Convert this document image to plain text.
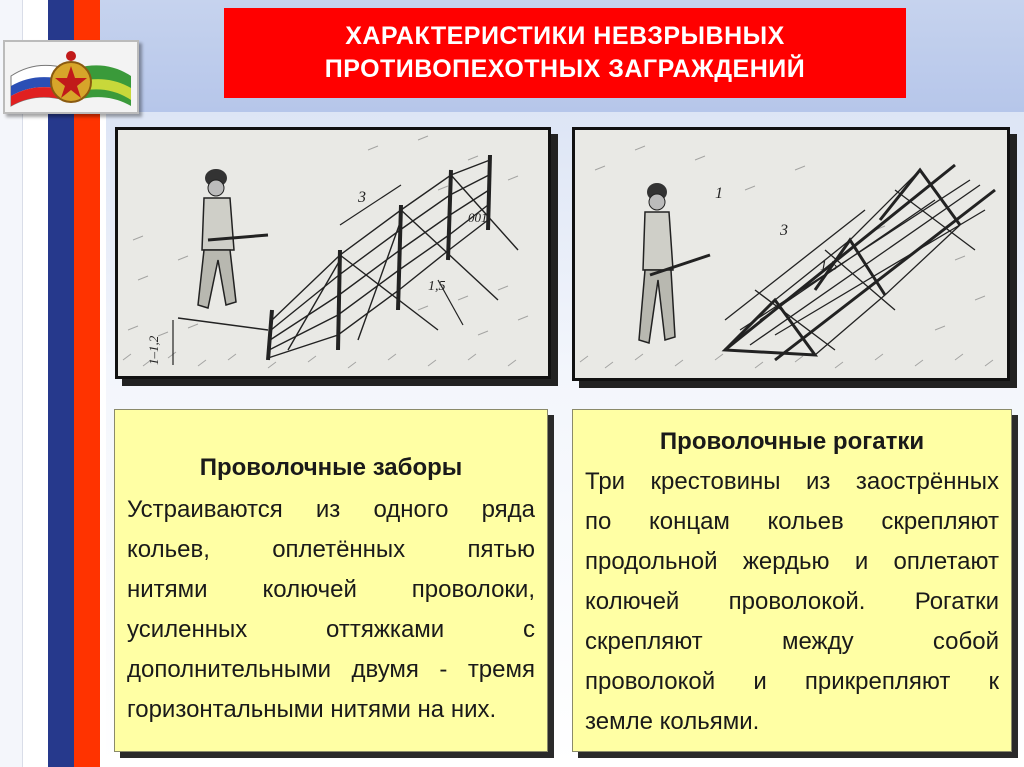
ХАРАКТЕРИСТИКИ НЕВЗРЫВНЫХ
ПРОТИВОПЕХОТНЫХ ЗАГРАЖДЕНИЙ
3
1,5
001
1–1,2
3
1,5
1
Проволочные заборы
Устраиваются из одного ряда
кольев, оплетённых пятью
нитями колючей проволоки,
усиленных оттяжками с
дополнительными двумя - тремя
горизонтальными нитями на них.
Проволочные рогатки
Три крестовины из заострённых
по концам кольев скрепляют
продольной жердью и оплетают
колючей проволокой. Рогатки
скрепляют между собой
проволокой и прикрепляют к
земле кольями.
